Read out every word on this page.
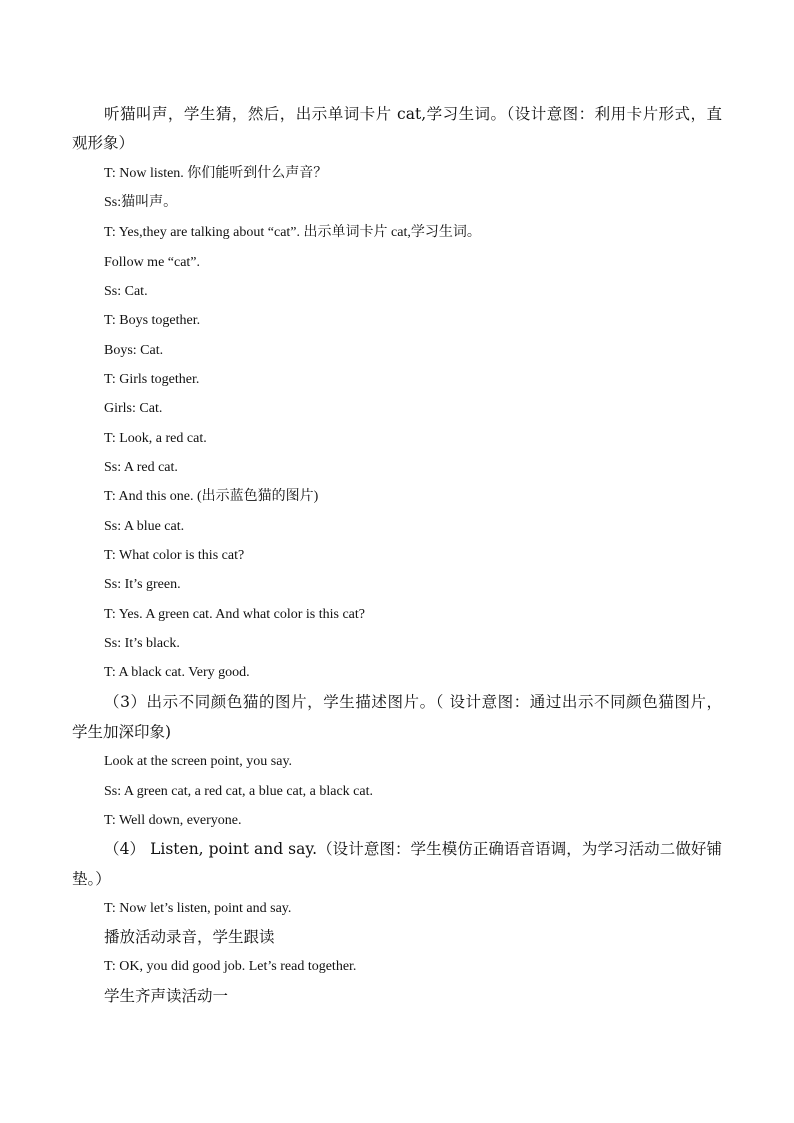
听猫叫声，学生猜，然后，出示单词卡片 cat,学习生词。（设计意图：利用卡片形式，直
观形象）
T: Now listen. 你们能听到什么声音？
Ss:猫叫声。
T: Yes,they are talking about “cat”. 出示单词卡片 cat,学习生词。
Follow me “cat”.
Ss: Cat.
T: Boys together.
Boys: Cat.
T: Girls together.
Girls: Cat.
T: Look, a red cat.
Ss: A red cat.
T: And this one. (出示蓝色猫的图片)
Ss: A blue cat.
T: What color is this cat?
Ss: It’s green.
T: Yes. A green cat. And what color is this cat?
Ss: It’s black.
T: A black cat. Very good.
（3）出示不同颜色猫的图片，学生描述图片。（ 设计意图：通过出示不同颜色猫图片，
学生加深印象)
Look at the screen point, you say.
Ss: A green cat, a red cat, a blue cat, a black cat.
T: Well down, everyone.
（4） Listen, point and say.（设计意图：学生模仿正确语音语调，为学习活动二做好铺
垫。）
T: Now let’s listen, point and say.
播放活动录音，学生跟读
T: OK, you did good job. Let’s read together.
学生齐声读活动一
